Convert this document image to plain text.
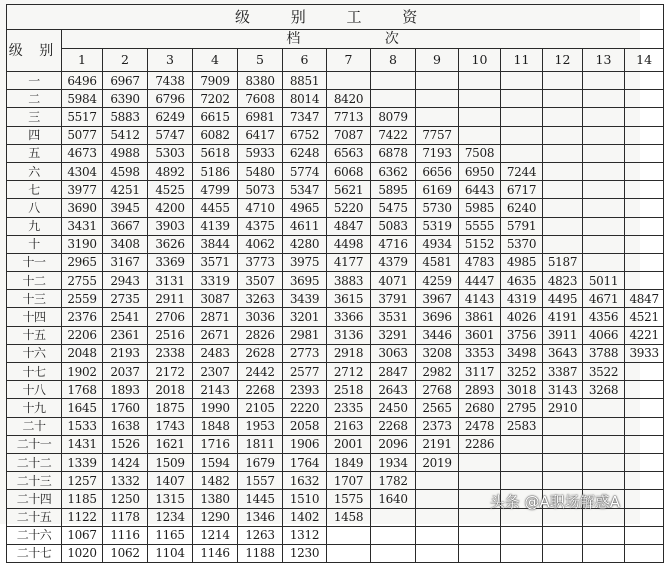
级 别 工 资														
级 别	档 次													
	1	2	3	4	5	6	7	8	9	10	11	12	13	14
一	6496	6967	7438	7909	8380	8851								
二	5984	6390	6796	7202	7608	8014	8420							
三	5517	5883	6249	6615	6981	7347	7713	8079						
四	5077	5412	5747	6082	6417	6752	7087	7422	7757					
五	4673	4988	5303	5618	5933	6248	6563	6878	7193	7508				
六	4304	4598	4892	5186	5480	5774	6068	6362	6656	6950	7244			
七	3977	4251	4525	4799	5073	5347	5621	5895	6169	6443	6717			
八	3690	3945	4200	4455	4710	4965	5220	5475	5730	5985	6240			
九	3431	3667	3903	4139	4375	4611	4847	5083	5319	5555	5791			
十	3190	3408	3626	3844	4062	4280	4498	4716	4934	5152	5370			
十一	2965	3167	3369	3571	3773	3975	4177	4379	4581	4783	4985	5187		
十二	2755	2943	3131	3319	3507	3695	3883	4071	4259	4447	4635	4823	5011	
十三	2559	2735	2911	3087	3263	3439	3615	3791	3967	4143	4319	4495	4671	4847
十四	2376	2541	2706	2871	3036	3201	3366	3531	3696	3861	4026	4191	4356	4521
十五	2206	2361	2516	2671	2826	2981	3136	3291	3446	3601	3756	3911	4066	4221
十六	2048	2193	2338	2483	2628	2773	2918	3063	3208	3353	3498	3643	3788	3933
十七	1902	2037	2172	2307	2442	2577	2712	2847	2982	3117	3252	3387	3522	
十八	1768	1893	2018	2143	2268	2393	2518	2643	2768	2893	3018	3143	3268	
十九	1645	1760	1875	1990	2105	2220	2335	2450	2565	2680	2795	2910		
二十	1533	1638	1743	1848	1953	2058	2163	2268	2373	2478	2583			
二十一	1431	1526	1621	1716	1811	1906	2001	2096	2191	2286				
二十二	1339	1424	1509	1594	1679	1764	1849	1934	2019					
二十三	1257	1332	1407	1482	1557	1632	1707	1782						
二十四	1185	1250	1315	1380	1445	1510	1575	1640						
二十五	1122	1178	1234	1290	1346	1402	1458							
二十六	1067	1116	1165	1214	1263	1312								
二十七	1020	1062	1104	1146	1188	1230								
头条 @A职场解惑A
